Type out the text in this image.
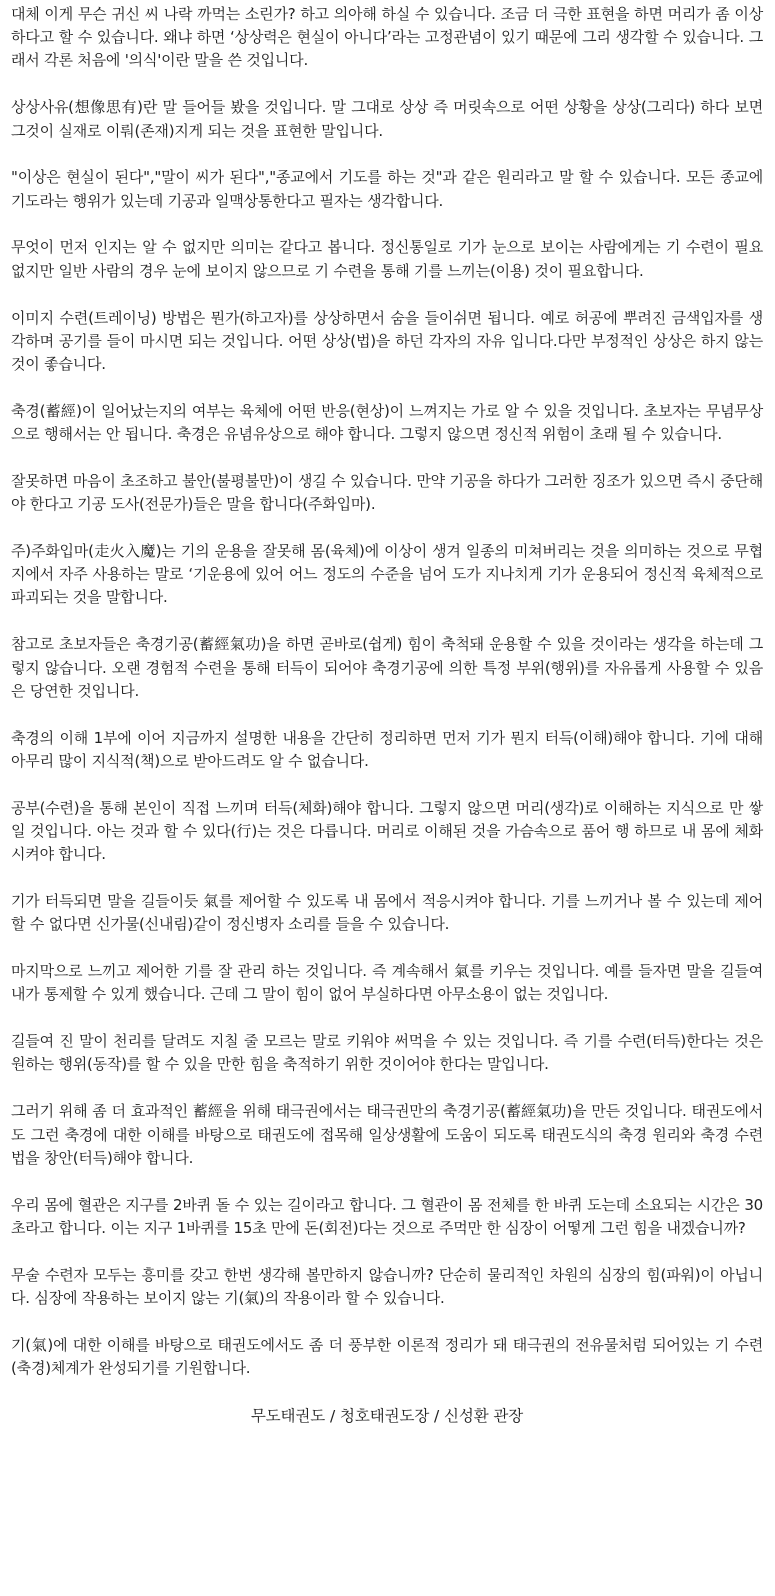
대체 이게 무슨 귀신 씨 나락 까먹는 소린가? 하고 의아해 하실 수 있습니다. 조금 더 극한 표현을 하면 머리가 좀 이상하다고 할 수 있습니다. 왜냐 하면 ‘상상력은 현실이 아니다’라는 고정관념이 있기 때문에 그리 생각할 수 있습니다. 그래서 각론 처음에 '의식'이란 말을 쓴 것입니다.

상상사유(想像思有)란 말 들어들 봤을 것입니다. 말 그대로 상상 즉 머릿속으로 어떤 상황을 상상(그리다) 하다 보면 그것이 실재로 이뤄(존재)지게 되는 것을 표현한 말입니다.

"이상은 현실이 된다","말이 씨가 된다","종교에서 기도를 하는 것"과 같은 원리라고 말 할 수 있습니다. 모든 종교에 기도라는 행위가 있는데 기공과 일맥상통한다고 필자는 생각합니다.

무엇이 먼저 인지는 알 수 없지만 의미는 같다고 봅니다. 정신통일로 기가 눈으로 보이는 사람에게는 기 수련이 필요 없지만 일반 사람의 경우 눈에 보이지 않으므로 기 수련을 통해 기를 느끼는(이용) 것이 필요합니다.

이미지 수련(트레이닝) 방법은 뭔가(하고자)를 상상하면서 숨을 들이쉬면 됩니다. 예로 허공에 뿌려진 금색입자를 생각하며 공기를 들이 마시면 되는 것입니다. 어떤 상상(법)을 하던 각자의 자유 입니다.다만 부정적인 상상은 하지 않는 것이 좋습니다.

축경(蓄經)이 일어났는지의 여부는 육체에 어떤 반응(현상)이 느껴지는 가로 알 수 있을 것입니다. 초보자는 무념무상으로 행해서는 안 됩니다. 축경은 유념유상으로 해야 합니다. 그렇지 않으면 정신적 위험이 초래 될 수 있습니다.

잘못하면 마음이 초조하고 불안(불평불만)이 생길 수 있습니다. 만약 기공을 하다가 그러한 징조가 있으면 즉시 중단해야 한다고 기공 도사(전문가)들은 말을 합니다(주화입마).

주)주화입마(走火入魔)는 기의 운용을 잘못해 몸(육체)에 이상이 생겨 일종의 미쳐버리는 것을 의미하는 것으로 무협지에서 자주 사용하는 말로 ‘기운용에 있어 어느 정도의 수준을 넘어 도가 지나치게 기가 운용되어 정신적 육체적으로 파괴되는 것을 말합니다.

참고로 초보자들은 축경기공(蓄經氣功)을 하면 곧바로(쉽게) 힘이 축척돼 운용할 수 있을 것이라는 생각을 하는데 그렇지 않습니다. 오랜 경험적 수련을 통해 터득이 되어야 축경기공에 의한 특정 부위(행위)를 자유롭게 사용할 수 있음은 당연한 것입니다.

축경의 이해 1부에 이어 지금까지 설명한 내용을 간단히 정리하면 먼저 기가 뭔지 터득(이해)해야 합니다. 기에 대해 아무리 많이 지식적(책)으로 받아드려도 알 수 없습니다.

공부(수련)을 통해 본인이 직접 느끼며 터득(체화)해야 합니다. 그렇지 않으면 머리(생각)로 이해하는 지식으로 만 쌓일 것입니다. 아는 것과 할 수 있다(行)는 것은 다릅니다. 머리로 이해된 것을 가슴속으로 품어 행 하므로 내 몸에 체화시켜야 합니다.

기가 터득되면 말을 길들이듯 氣를 제어할 수 있도록 내 몸에서 적응시켜야 합니다. 기를 느끼거나 볼 수 있는데 제어할 수 없다면 신가물(신내림)같이 정신병자 소리를 들을 수 있습니다.

마지막으로 느끼고 제어한 기를 잘 관리 하는 것입니다. 즉 계속해서 氣를 키우는 것입니다. 예를 들자면 말을 길들여 내가 통제할 수 있게 했습니다. 근데 그 말이 힘이 없어 부실하다면 아무소용이 없는 것입니다.

길들여 진 말이 천리를 달려도 지칠 줄 모르는 말로 키워야 써먹을 수 있는 것입니다. 즉 기를 수련(터득)한다는 것은 원하는 행위(동작)를 할 수 있을 만한 힘을 축적하기 위한 것이어야 한다는 말입니다.

그러기 위해 좀 더 효과적인 蓄經을 위해 태극권에서는 태극권만의 축경기공(蓄經氣功)을 만든 것입니다. 태권도에서도 그런 축경에 대한 이해를 바탕으로 태권도에 접목해 일상생활에 도움이 되도록 태권도식의 축경 원리와 축경 수련법을 창안(터득)해야 합니다.

우리 몸에 혈관은 지구를 2바퀴 돌 수 있는 길이라고 합니다. 그 혈관이 몸 전체를 한 바퀴 도는데 소요되는 시간은 30초라고 합니다. 이는 지구 1바퀴를 15초 만에 돈(회전)다는 것으로 주먹만 한 심장이 어떻게 그런 힘을 내겠습니까?

무술 수련자 모두는 흥미를 갖고 한번 생각해 볼만하지 않습니까? 단순히 물리적인 차원의 심장의 힘(파워)이 아닙니다. 심장에 작용하는 보이지 않는 기(氣)의 작용이라 할 수 있습니다.

기(氣)에 대한 이해를 바탕으로 태권도에서도 좀 더 풍부한 이론적 정리가 돼 태극권의 전유물처럼 되어있는 기 수련(축경)체계가 완성되기를 기원합니다.

무도태권도 / 청호태권도장 / 신성환 관장
